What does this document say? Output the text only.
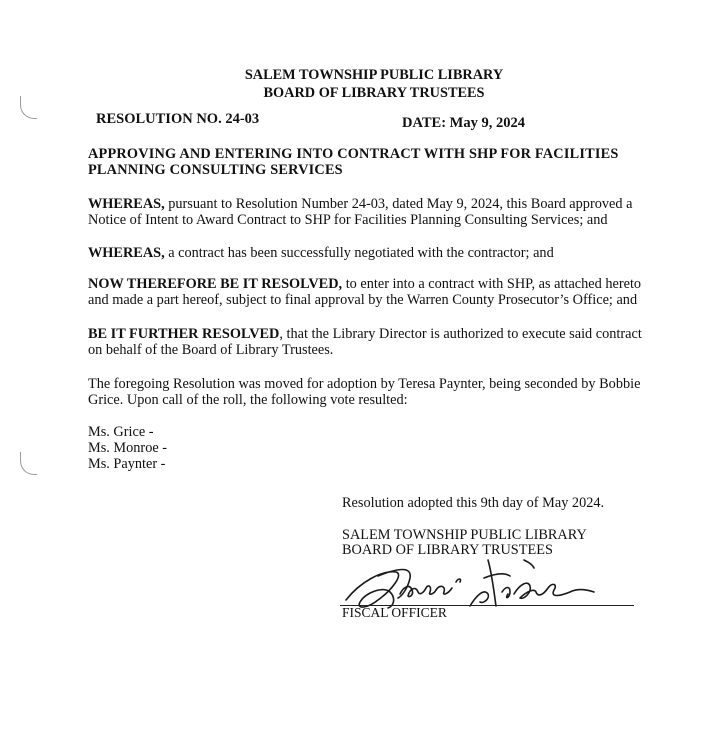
SALEM TOWNSHIP PUBLIC LIBRARY
BOARD OF LIBRARY TRUSTEES
RESOLUTION NO. 24-03	DATE: May 9, 2024
APPROVING AND ENTERING INTO CONTRACT WITH SHP FOR FACILITIES
PLANNING CONSULTING SERVICES
WHEREAS, pursuant to Resolution Number 24-03, dated May 9, 2024, this Board approved a
Notice of Intent to Award Contract to SHP for Facilities Planning Consulting Services; and
WHEREAS, a contract has been successfully negotiated with the contractor; and
NOW THEREFORE BE IT RESOLVED, to enter into a contract with SHP, as attached hereto
and made a part hereof, subject to final approval by the Warren County Prosecutor’s Office; and
BE IT FURTHER RESOLVED, that the Library Director is authorized to execute said contract
on behalf of the Board of Library Trustees.
The foregoing Resolution was moved for adoption by Teresa Paynter, being seconded by Bobbie
Grice. Upon call of the roll, the following vote resulted:
Ms. Grice -
Ms. Monroe -
Ms. Paynter -
Resolution adopted this 9th day of May 2024.
SALEM TOWNSHIP PUBLIC LIBRARY
BOARD OF LIBRARY TRUSTEES
FISCAL OFFICER
